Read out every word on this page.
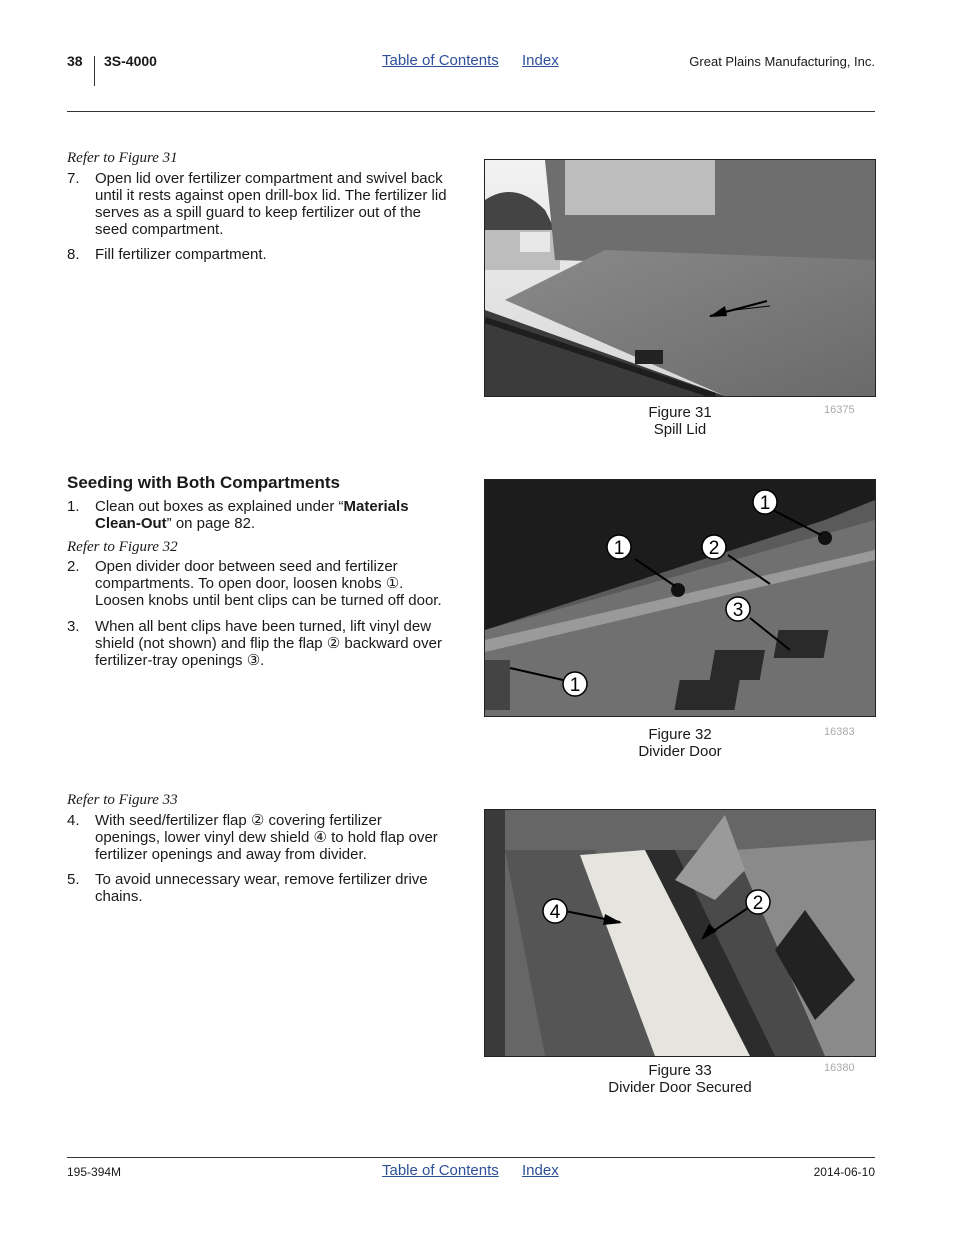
38 3S-4000	Table of Contents Index	Great Plains Manufacturing, Inc.
Refer to Figure 31
7. Open lid over fertilizer compartment and swivel back
until it rests against open drill-box lid. The fertilizer lid
serves as a spill guard to keep fertilizer out of the
seed compartment.
8. Fill fertilizer compartment.
Figure 31
Spill Lid
16375
Seeding with Both Compartments
1. Clean out boxes as explained under “Materials
Clean-Out” on page 82.
Refer to Figure 32
2. Open divider door between seed and fertilizer
compartments. To open door, loosen knobs ①.
Loosen knobs until bent clips can be turned off door.
3. When all bent clips have been turned, lift vinyl dew
shield (not shown) and flip the flap ② backward over
fertilizer-tray openings ③.
1
1	2
3
1
Figure 32
Divider Door
16383
Refer to Figure 33
4. With seed/fertilizer flap ② covering fertilizer
openings, lower vinyl dew shield ④ to hold flap over
fertilizer openings and away from divider.
5. To avoid unnecessary wear, remove fertilizer drive
chains.
4	2
Figure 33
Divider Door Secured
16380
195-394M	Table of Contents Index	2014-06-10
